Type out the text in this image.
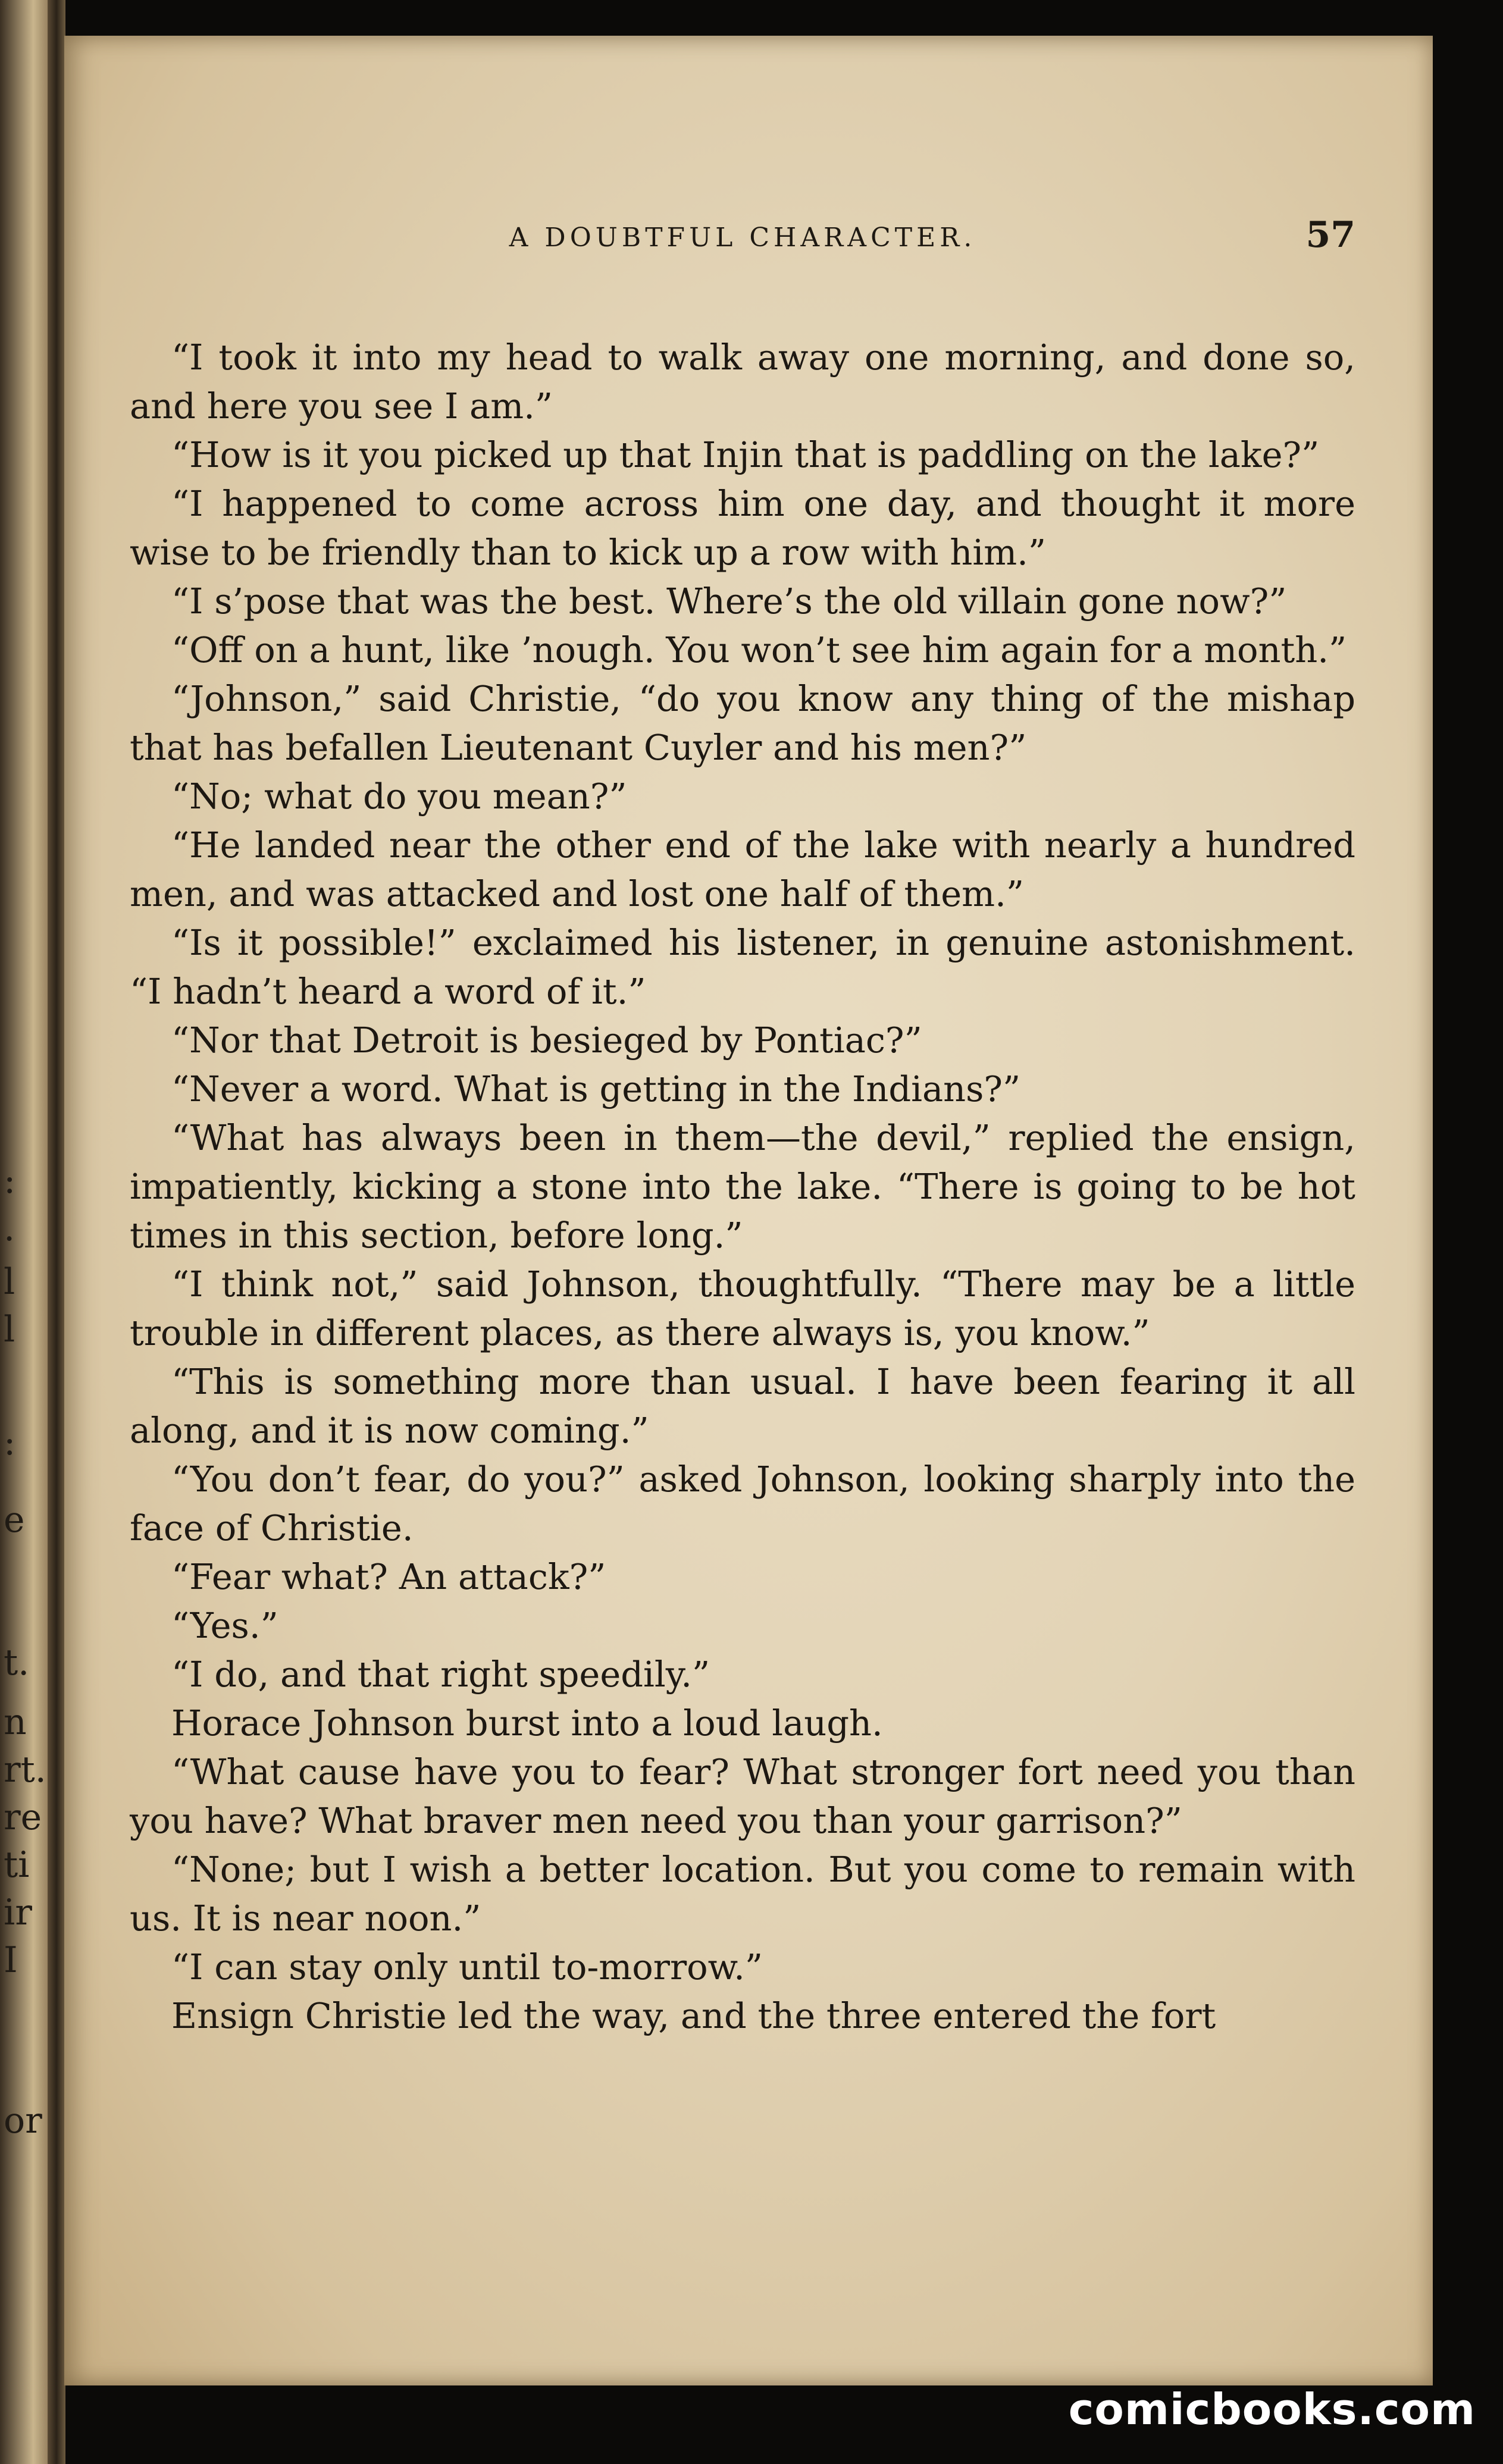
:
.
l
l
:
e
t.
n
rt.
re
ti
ir
I
or
A DOUBTFUL CHARACTER.	57

“I took it into my head to walk away one morning, and done so, and here you see I am.”

“How is it you picked up that Injin that is paddling on the lake?”

“I happened to come across him one day, and thought it more wise to be friendly than to kick up a row with him.”

“I s’pose that was the best. Where’s the old villain gone now?”

“Off on a hunt, like ’nough. You won’t see him again for a month.”

“Johnson,” said Christie, “do you know any thing of the mishap that has befallen Lieutenant Cuyler and his men?”

“No; what do you mean?”

“He landed near the other end of the lake with nearly a hundred men, and was attacked and lost one half of them.”

“Is it possible!” exclaimed his listener, in genuine astonishment. “I hadn’t heard a word of it.”

“Nor that Detroit is besieged by Pontiac?”

“Never a word. What is getting in the Indians?”

“What has always been in them—the devil,” replied the ensign, impatiently, kicking a stone into the lake. “There is going to be hot times in this section, before long.”

“I think not,” said Johnson, thoughtfully. “There may be a little trouble in different places, as there always is, you know.”

“This is something more than usual. I have been fearing it all along, and it is now coming.”

“You don’t fear, do you?” asked Johnson, looking sharply into the face of Christie.

“Fear what? An attack?”

“Yes.”

“I do, and that right speedily.”

Horace Johnson burst into a loud laugh.

“What cause have you to fear? What stronger fort need you than you have? What braver men need you than your garrison?”

“None; but I wish a better location. But you come to remain with us. It is near noon.”

“I can stay only until to-morrow.”

Ensign Christie led the way, and the three entered the fort

comicbooks.com
